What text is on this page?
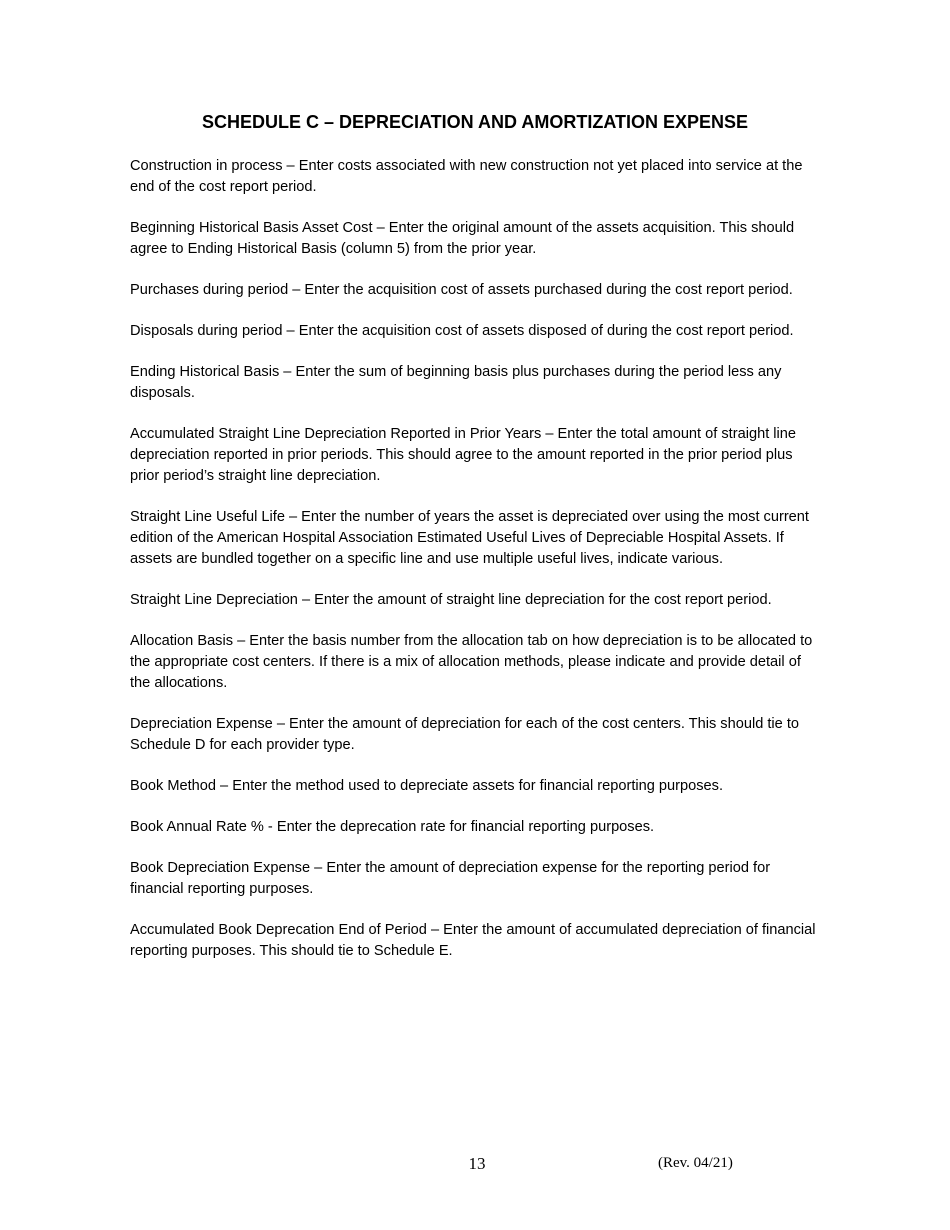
SCHEDULE C – DEPRECIATION AND AMORTIZATION EXPENSE

Construction in process – Enter costs associated with new construction not yet placed into service at the end of the cost report period.

Beginning Historical Basis Asset Cost – Enter the original amount of the assets acquisition. This should agree to Ending Historical Basis (column 5) from the prior year.

Purchases during period – Enter the acquisition cost of assets purchased during the cost report period.

Disposals during period – Enter the acquisition cost of assets disposed of during the cost report period.

Ending Historical Basis – Enter the sum of beginning basis plus purchases during the period less any disposals.

Accumulated Straight Line Depreciation Reported in Prior Years – Enter the total amount of straight line depreciation reported in prior periods. This should agree to the amount reported in the prior period plus prior period’s straight line depreciation.

Straight Line Useful Life – Enter the number of years the asset is depreciated over using the most current edition of the American Hospital Association Estimated Useful Lives of Depreciable Hospital Assets. If assets are bundled together on a specific line and use multiple useful lives, indicate various.

Straight Line Depreciation – Enter the amount of straight line depreciation for the cost report period.

Allocation Basis – Enter the basis number from the allocation tab on how depreciation is to be allocated to the appropriate cost centers. If there is a mix of allocation methods, please indicate and provide detail of the allocations.

Depreciation Expense – Enter the amount of depreciation for each of the cost centers. This should tie to Schedule D for each provider type.

Book Method – Enter the method used to depreciate assets for financial reporting purposes.

Book Annual Rate % - Enter the deprecation rate for financial reporting purposes.

Book Depreciation Expense – Enter the amount of depreciation expense for the reporting period for financial reporting purposes.

Accumulated Book Deprecation End of Period – Enter the amount of accumulated depreciation of financial reporting purposes. This should tie to Schedule E.

13	(Rev. 04/21)
